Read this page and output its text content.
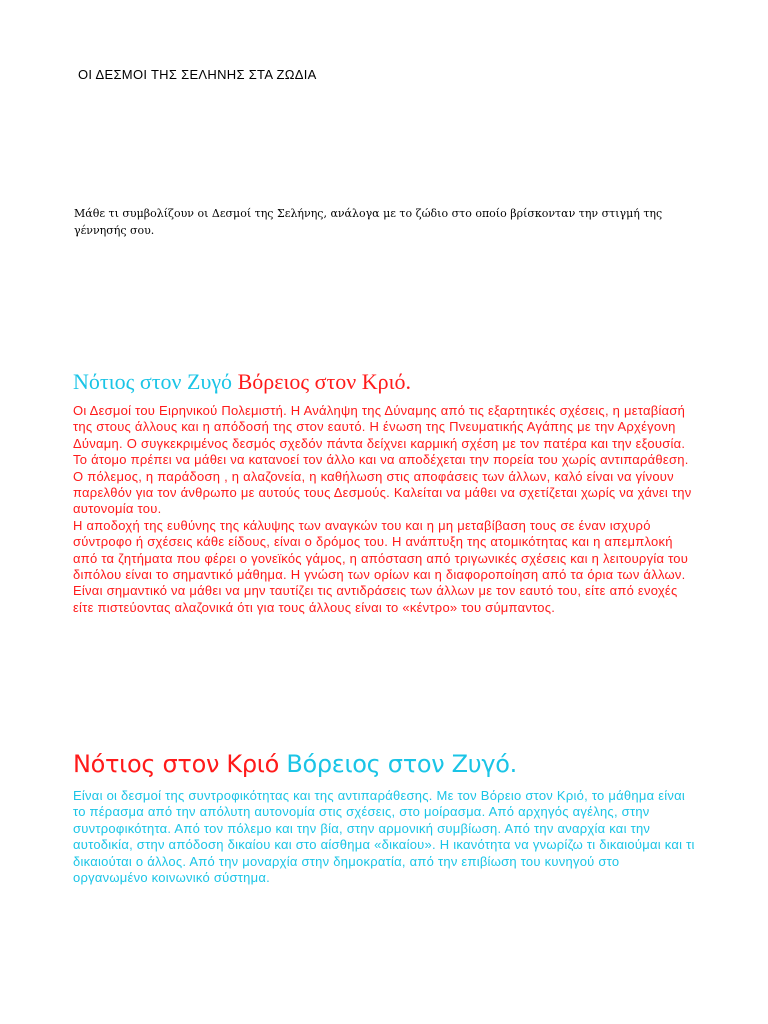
ΟΙ ΔΕΣΜΟΙ ΤΗΣ ΣΕΛΗΝΗΣ ΣΤΑ ΖΩΔΙΑ
Μάθε τι συμβολίζουν οι Δεσμοί της Σελήνης, ανάλογα με το ζώδιο στο οποίο βρίσκονταν την στιγμή της γέννησής σου.
Νότιος στον Ζυγό Βόρειος στον Κριό.

Οι Δεσμοί του Ειρηνικού Πολεμιστή. Η Ανάληψη της Δύναμης από τις εξαρτητικές σχέσεις, η μεταβίασή της στους άλλους και η απόδοσή της στον εαυτό. Η ένωση της Πνευματικής Αγάπης με την Αρχέγονη Δύναμη. Ο συγκεκριμένος δεσμός σχεδόν πάντα δείχνει καρμική σχέση με τον πατέρα και την εξουσία. Το άτομο πρέπει να μάθει να κατανοεί τον άλλο και να αποδέχεται την πορεία του χωρίς αντιπαράθεση. Ο πόλεμος, η παράδοση , η αλαζονεία, η καθήλωση στις αποφάσεις των άλλων, καλό είναι να γίνουν παρελθόν για τον άνθρωπο με αυτούς τους Δεσμούς. Καλείται να μάθει να σχετίζεται χωρίς να χάνει την αυτονομία του.

Η αποδοχή της ευθύνης της κάλυψης των αναγκών του και η μη μεταβίβαση τους σε έναν ισχυρό σύντροφο ή σχέσεις κάθε είδους, είναι ο δρόμος του. Η ανάπτυξη της ατομικότητας και η απεμπλοκή από τα ζητήματα που φέρει ο γονεϊκός γάμος, η απόσταση από τριγωνικές σχέσεις και η λειτουργία του διπόλου είναι το σημαντικό μάθημα. Η γνώση των ορίων και η διαφοροποίηση από τα όρια των άλλων. Είναι σημαντικό να μάθει να μην ταυτίζει τις αντιδράσεις των άλλων με τον εαυτό του, είτε από ενοχές είτε πιστεύοντας αλαζονικά ότι για τους άλλους είναι το «κέντρο» του σύμπαντος.

Νότιος στον Κριό Βόρειος στον Ζυγό.

Είναι οι δεσμοί της συντροφικότητας και της αντιπαράθεσης. Με τον Βόρειο στον Κριό, το μάθημα είναι το πέρασμα από την απόλυτη αυτονομία στις σχέσεις, στο μοίρασμα. Από αρχηγός αγέλης, στην συντροφικότητα. Από τον πόλεμο και την βία, στην αρμονική συμβίωση. Από την αναρχία και την αυτοδικία, στην απόδοση δικαίου και στο αίσθημα «δικαίου». Η ικανότητα να γνωρίζω τι δικαιούμαι και τι δικαιούται ο άλλος. Από την μοναρχία στην δημοκρατία, από την επιβίωση του κυνηγού στο οργανωμένο κοινωνικό σύστημα.
